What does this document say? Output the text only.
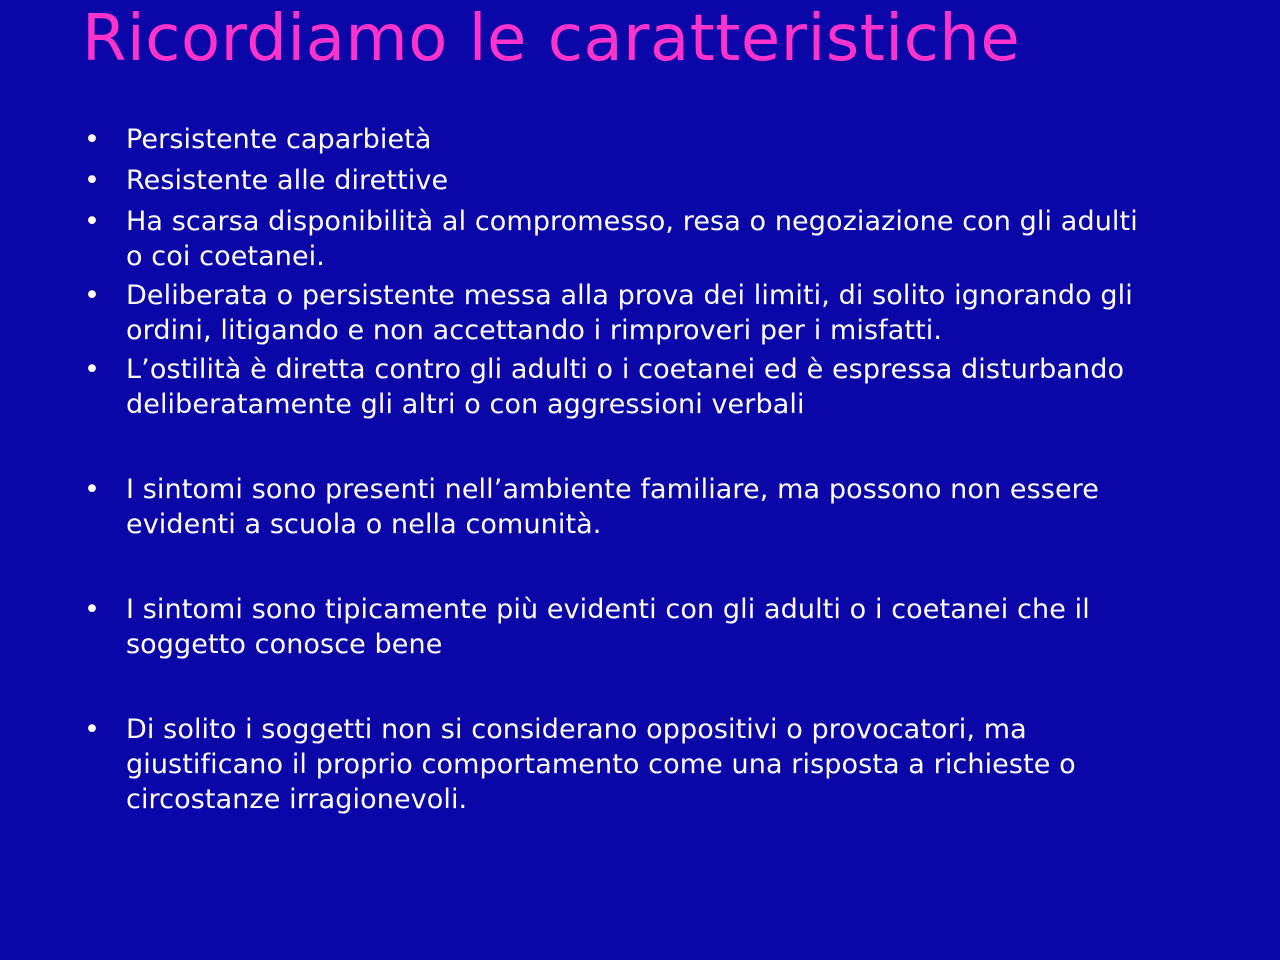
Ricordiamo le caratteristiche
• Persistente caparbietà
• Resistente alle direttive
• Ha scarsa disponibilità al compromesso, resa o negoziazione con gli adulti o coi coetanei.
• Deliberata o persistente messa alla prova dei limiti, di solito ignorando gli ordini, litigando e non accettando i rimproveri per i misfatti.
• L’ostilità è diretta contro gli adulti o i coetanei ed è espressa disturbando deliberatamente gli altri o con aggressioni verbali
• I sintomi sono presenti nell’ambiente familiare, ma possono non essere evidenti a scuola o nella comunità.
• I sintomi sono tipicamente più evidenti con gli adulti o i coetanei che il soggetto conosce bene
• Di solito i soggetti non si considerano oppositivi o provocatori, ma giustificano il proprio comportamento come una risposta a richieste o circostanze irragionevoli.
